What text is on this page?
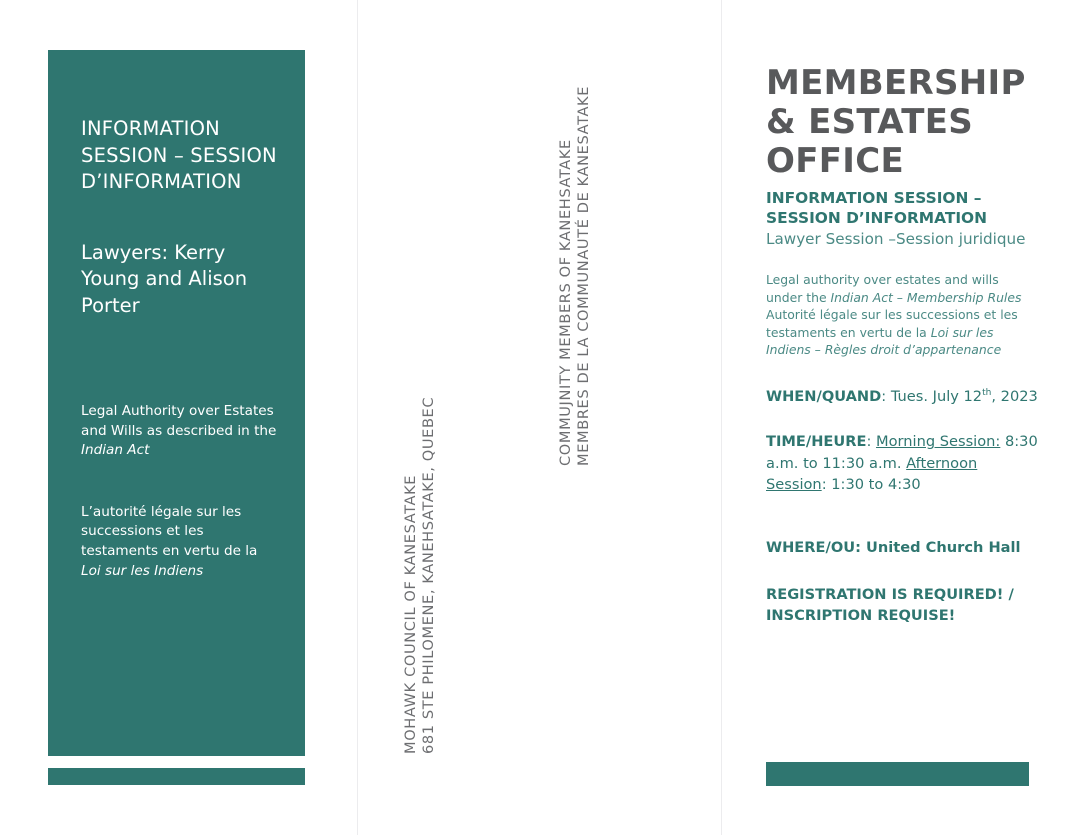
INFORMATION SESSION – SESSION D’INFORMATION

Lawyers: Kerry Young and Alison Porter

Legal Authority over Estates and Wills as described in the Indian Act

L’autorité légale sur les successions et les testaments en vertu de la Loi sur les Indiens

COMMUJNITY MEMBERS OF KANEHSATAKE MEMBRES DE LA COMMUNAUTÉ DE KANESATAKE
MOHAWK COUNCIL OF KANESATAKE 681 STE PHILOMENE, KANEHSATAKE, QUEBEC
MEMBERSHIP & ESTATES OFFICE

INFORMATION SESSION – SESSION D’INFORMATION

Lawyer Session –Session juridique

Legal authority over estates and wills under the Indian Act – Membership Rules Autorité légale sur les successions et les testaments en vertu de la Loi sur les Indiens – Règles droit d’appartenance

WHEN/QUAND: Tues. July 12th, 2023

TIME/HEURE: Morning Session: 8:30 a.m. to 11:30 a.m. Afternoon Session: 1:30 to 4:30

WHERE/OU: United Church Hall

REGISTRATION IS REQUIRED! / INSCRIPTION REQUISE!
